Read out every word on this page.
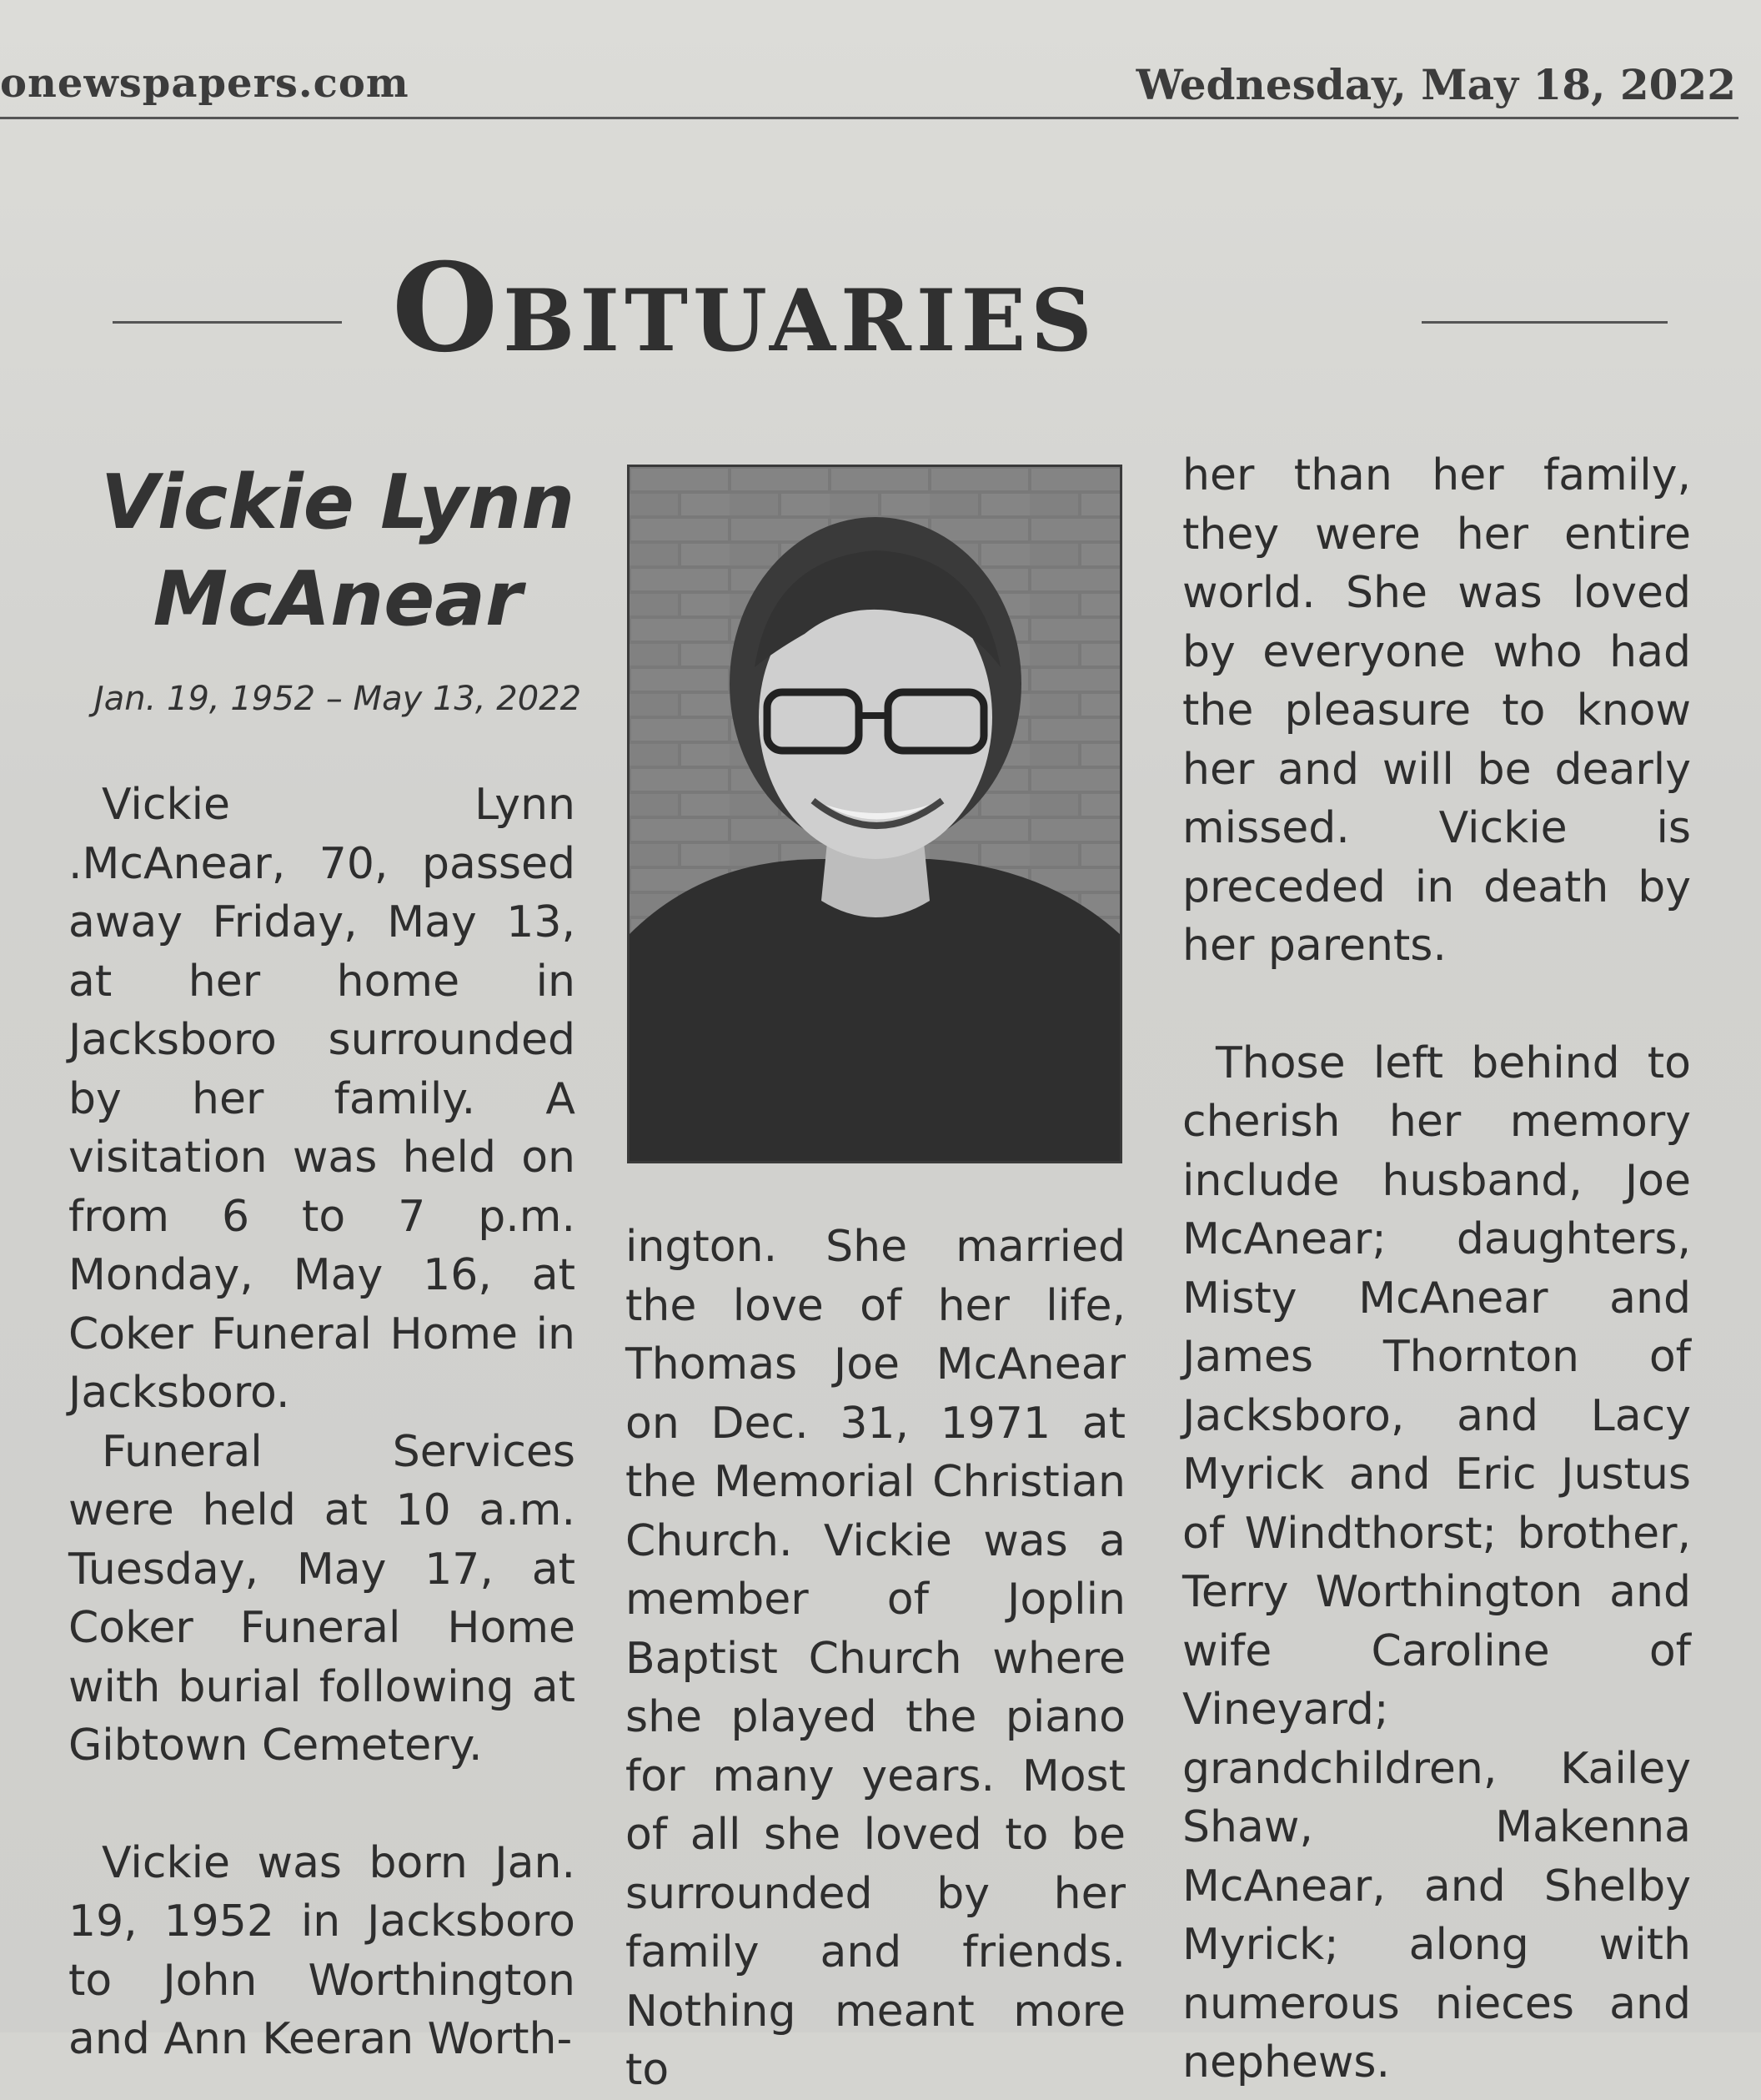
onewspapers.com	Wednesday, May 18, 2022
Obituaries
Vickie Lynn
McAnear
Jan. 19, 1952 – May 13, 2022

Vickie Lynn .McAnear, 70, passed away Friday, May 13, at her home in Jacksboro surrounded by her family. A visitation was held on from 6 to 7 p.m. Monday, May 16, at Coker Funeral Home in Jacksboro.

Funeral Services were held at 10 a.m. Tuesday, May 17, at Coker Funeral Home with burial following at Gibtown Cemetery.

Vickie was born Jan. 19, 1952 in Jacksboro to John Worthington and Ann Keeran Worth-

ington. She married the love of her life, Thomas Joe McAnear on Dec. 31, 1971 at the Memorial Christian Church. Vickie was a member of Joplin Baptist Church where she played the piano for many years. Most of all she loved to be surrounded by her family and friends. Nothing meant more to

her than her family, they were her entire world. She was loved by everyone who had the pleasure to know her and will be dearly missed. Vickie is preceded in death by her parents.

Those left behind to cherish her memory include husband, Joe McAnear; daughters, Misty McAnear and James Thornton of Jacksboro, and Lacy Myrick and Eric Justus of Windthorst; brother, Terry Worthington and wife Caroline of Vineyard; grandchildren, Kailey Shaw, Makenna McAnear, and Shelby Myrick; along with numerous nieces and nephews.
